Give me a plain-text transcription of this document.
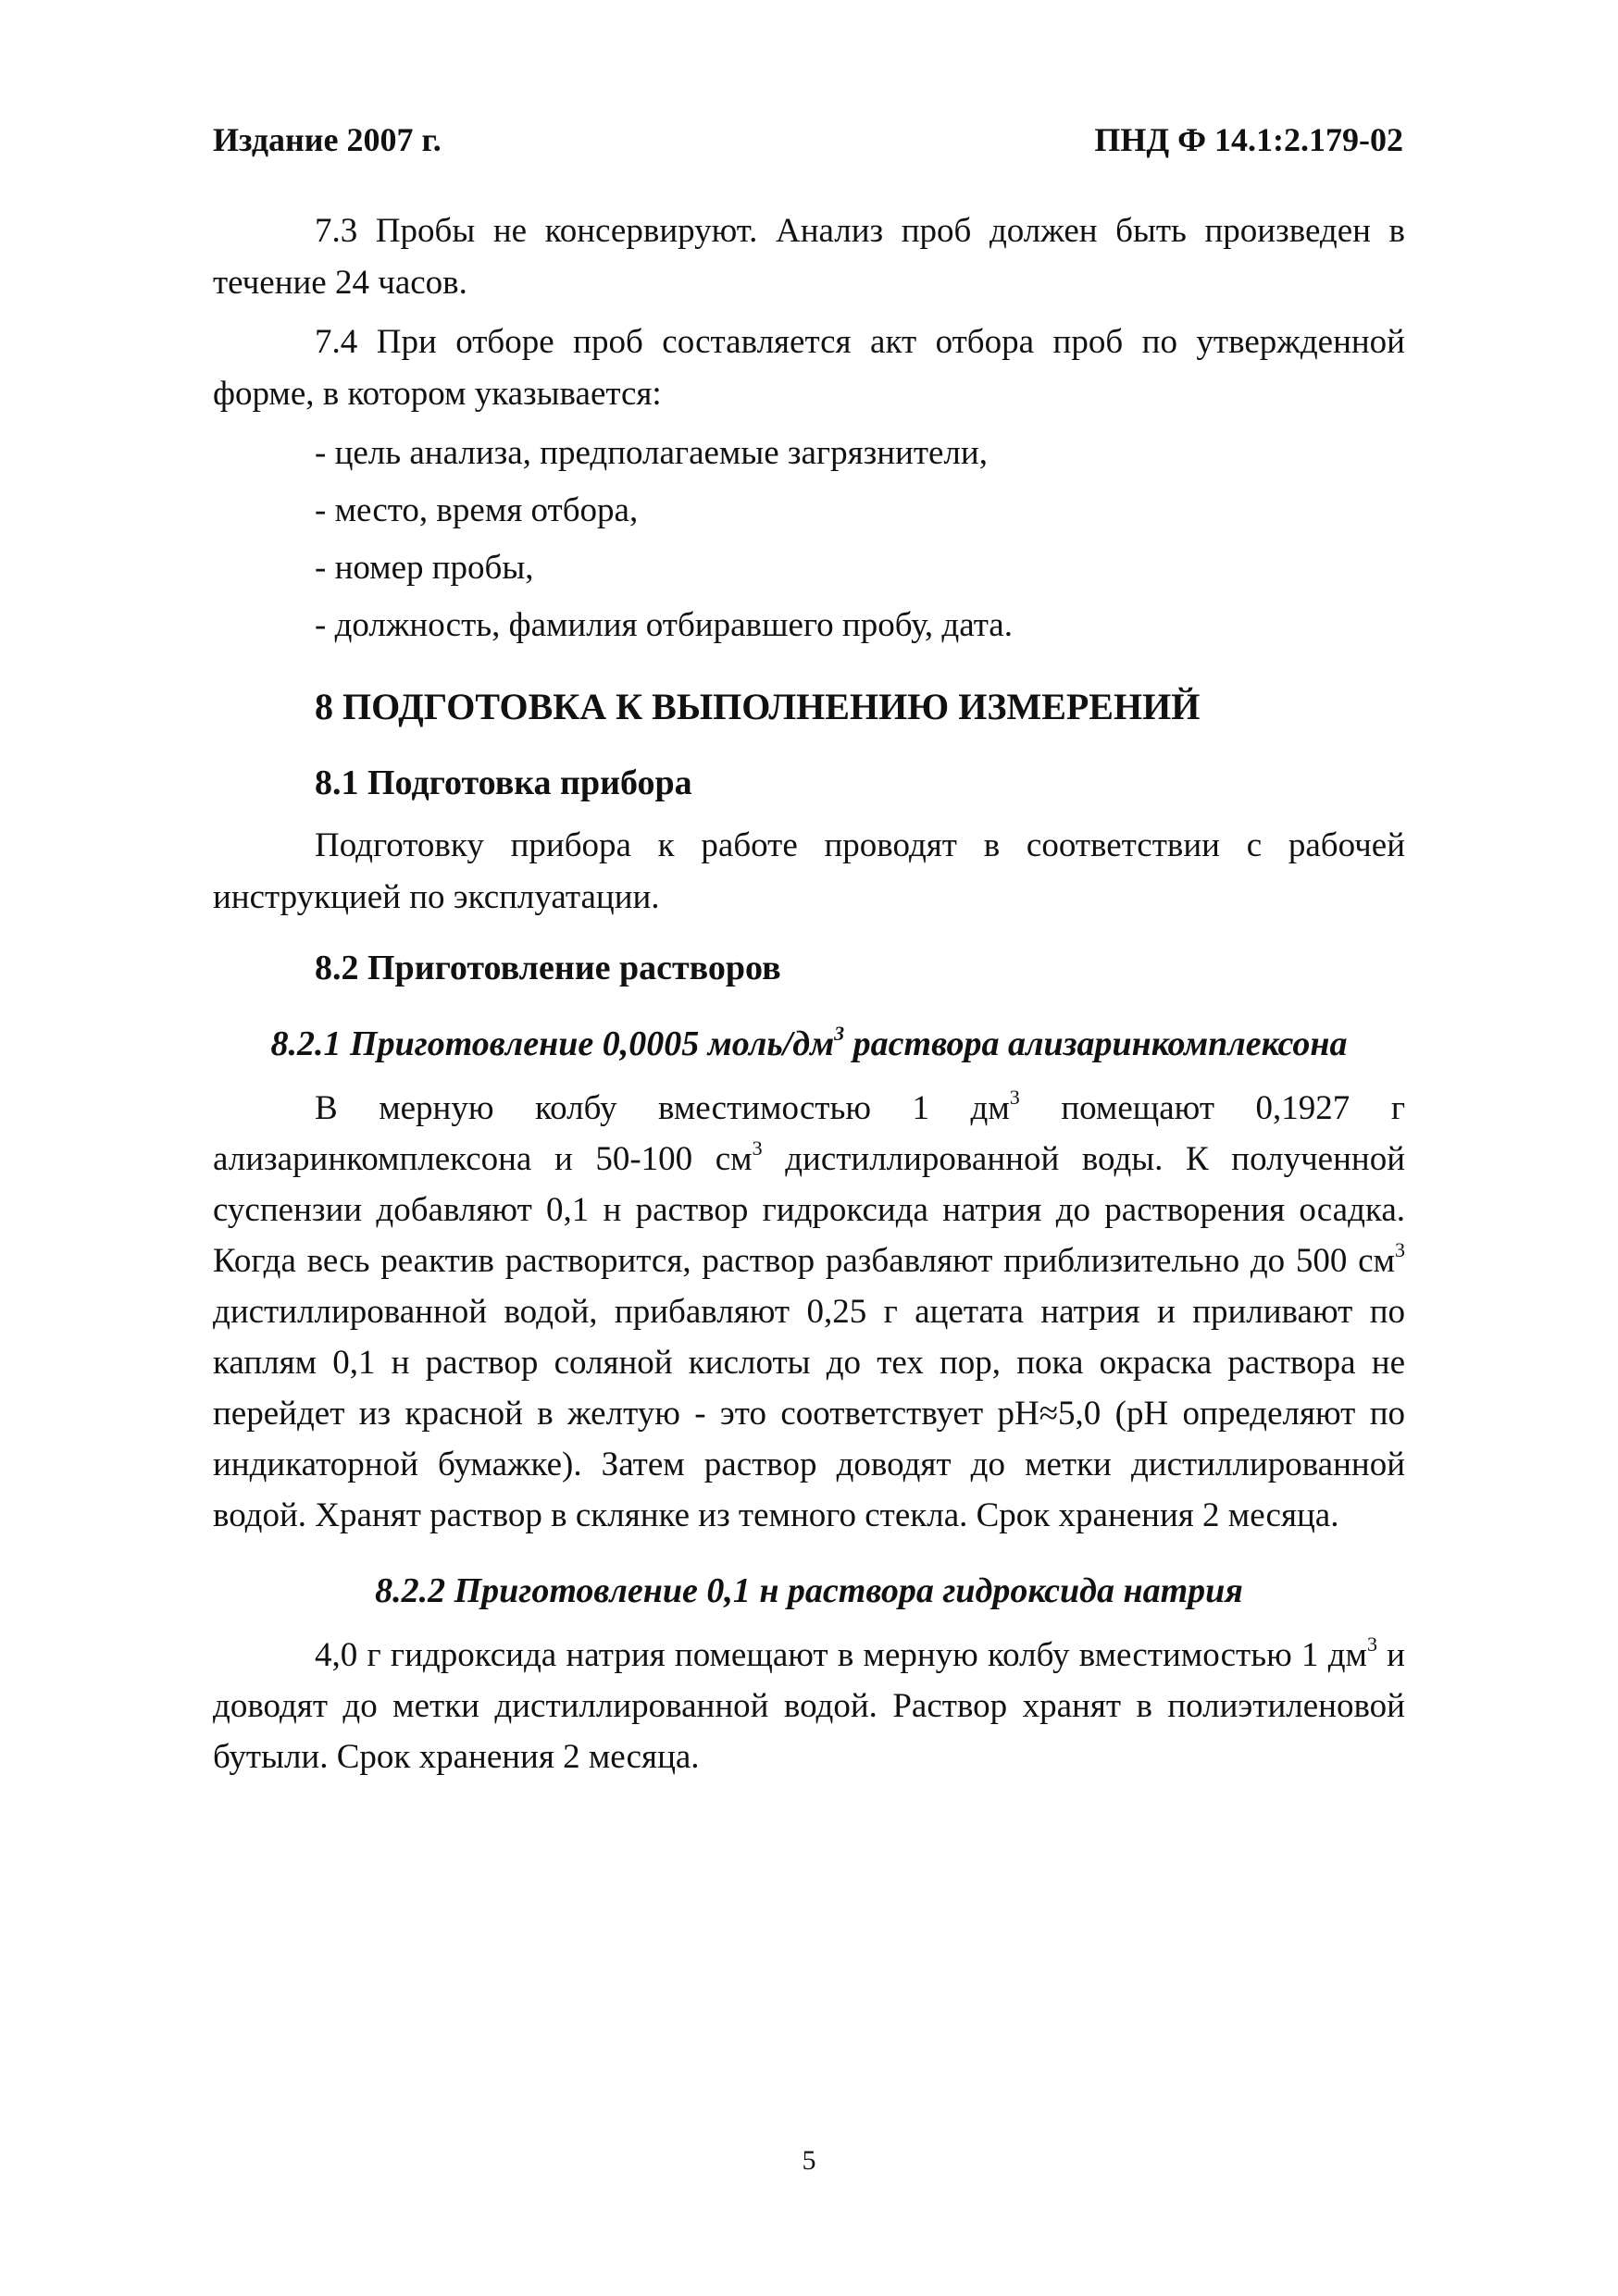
Издание 2007 г.	ПНД Ф 14.1:2.179-02

7.3 Пробы не консервируют. Анализ проб должен быть произведен в течение 24 часов.

7.4 При отборе проб составляется акт отбора проб по утвержденной форме, в котором указывается:

- цель анализа, предполагаемые загрязнители,
- место, время отбора,
- номер пробы,
- должность, фамилия отбиравшего пробу, дата.
8 ПОДГОТОВКА К ВЫПОЛНЕНИЮ ИЗМЕРЕНИЙ
8.1 Подготовка прибора

Подготовку прибора к работе проводят в соответствии с рабочей инструкцией по эксплуатации.

8.2 Приготовление растворов
8.2.1 Приготовление 0,0005 моль/$дм^3$ раствора ализаринкомплексона

В мерную колбу вместимостью 1 $дм^3$ помещают 0,1927 г ализаринкомплексона и 50-100 $см^3$ дистиллированной воды. К полученной суспензии добавляют 0,1 н раствор гидроксида натрия до растворения осадка. Когда весь реактив растворится, раствор разбавляют приблизительно до 500 $см^3$ дистиллированной водой, прибавляют 0,25 г ацетата натрия и приливают по каплям 0,1 н раствор соляной кислоты до тех пор, пока окраска раствора не перейдет из красной в желтую - это соответствует pH≈5,0 (pH определяют по индикаторной бумажке). Затем раствор доводят до метки дистиллированной водой. Хранят раствор в склянке из темного стекла. Срок хранения 2 месяца.

8.2.2 Приготовление 0,1 н раствора гидроксида натрия

4,0 г гидроксида натрия помещают в мерную колбу вместимостью 1 $дм^3$ и доводят до метки дистиллированной водой. Раствор хранят в полиэтиленовой бутыли. Срок хранения 2 месяца.

5
